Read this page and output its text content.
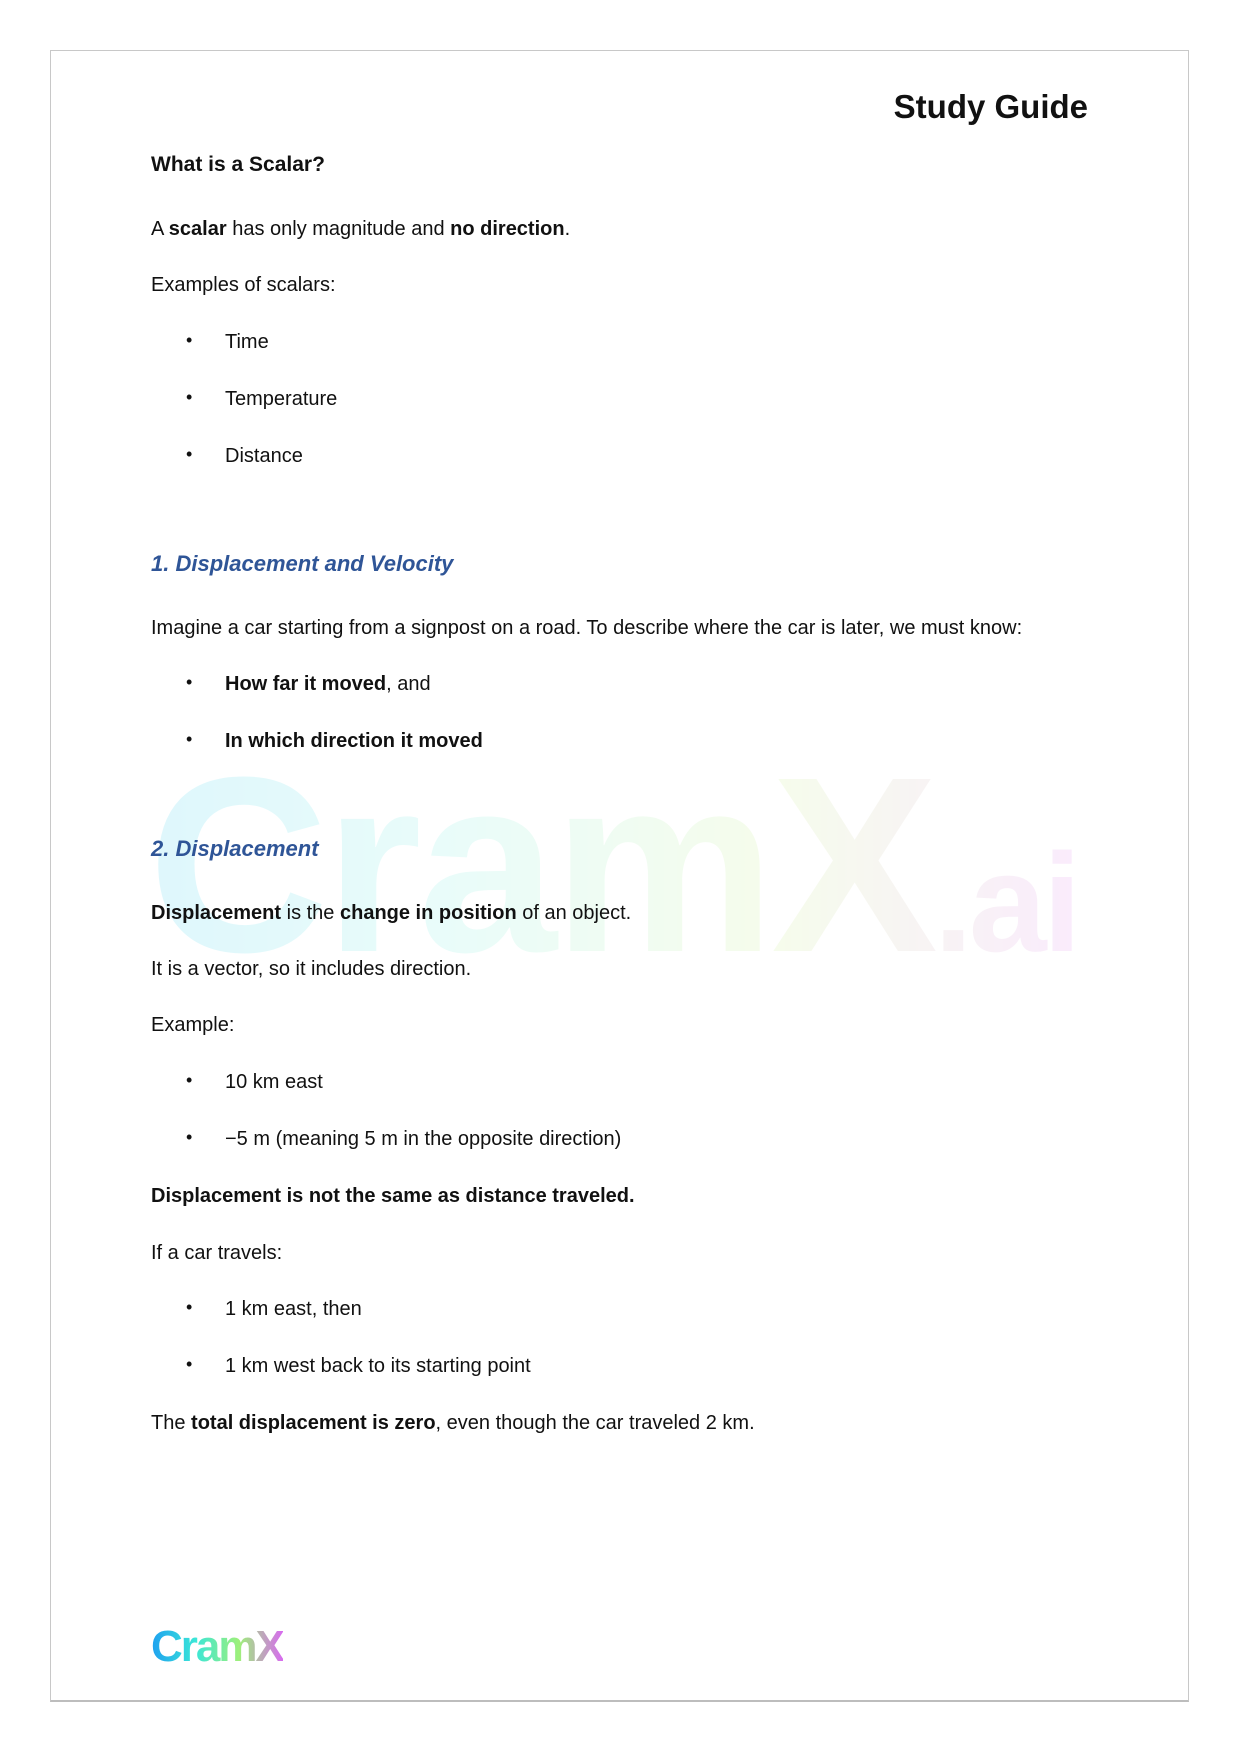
CramX.ai
Study Guide
What is a Scalar?
A scalar has only magnitude and no direction.
Examples of scalars:
• Time
• Temperature
• Distance
1. Displacement and Velocity
Imagine a car starting from a signpost on a road. To describe where the car is later, we must know:
• How far it moved, and
• In which direction it moved
2. Displacement
Displacement is the change in position of an object.
It is a vector, so it includes direction.
Example:
• 10 km east
• −5 m (meaning 5 m in the opposite direction)
Displacement is not the same as distance traveled.
If a car travels:
• 1 km east, then
• 1 km west back to its starting point
The total displacement is zero, even though the car traveled 2 km.
CramX
